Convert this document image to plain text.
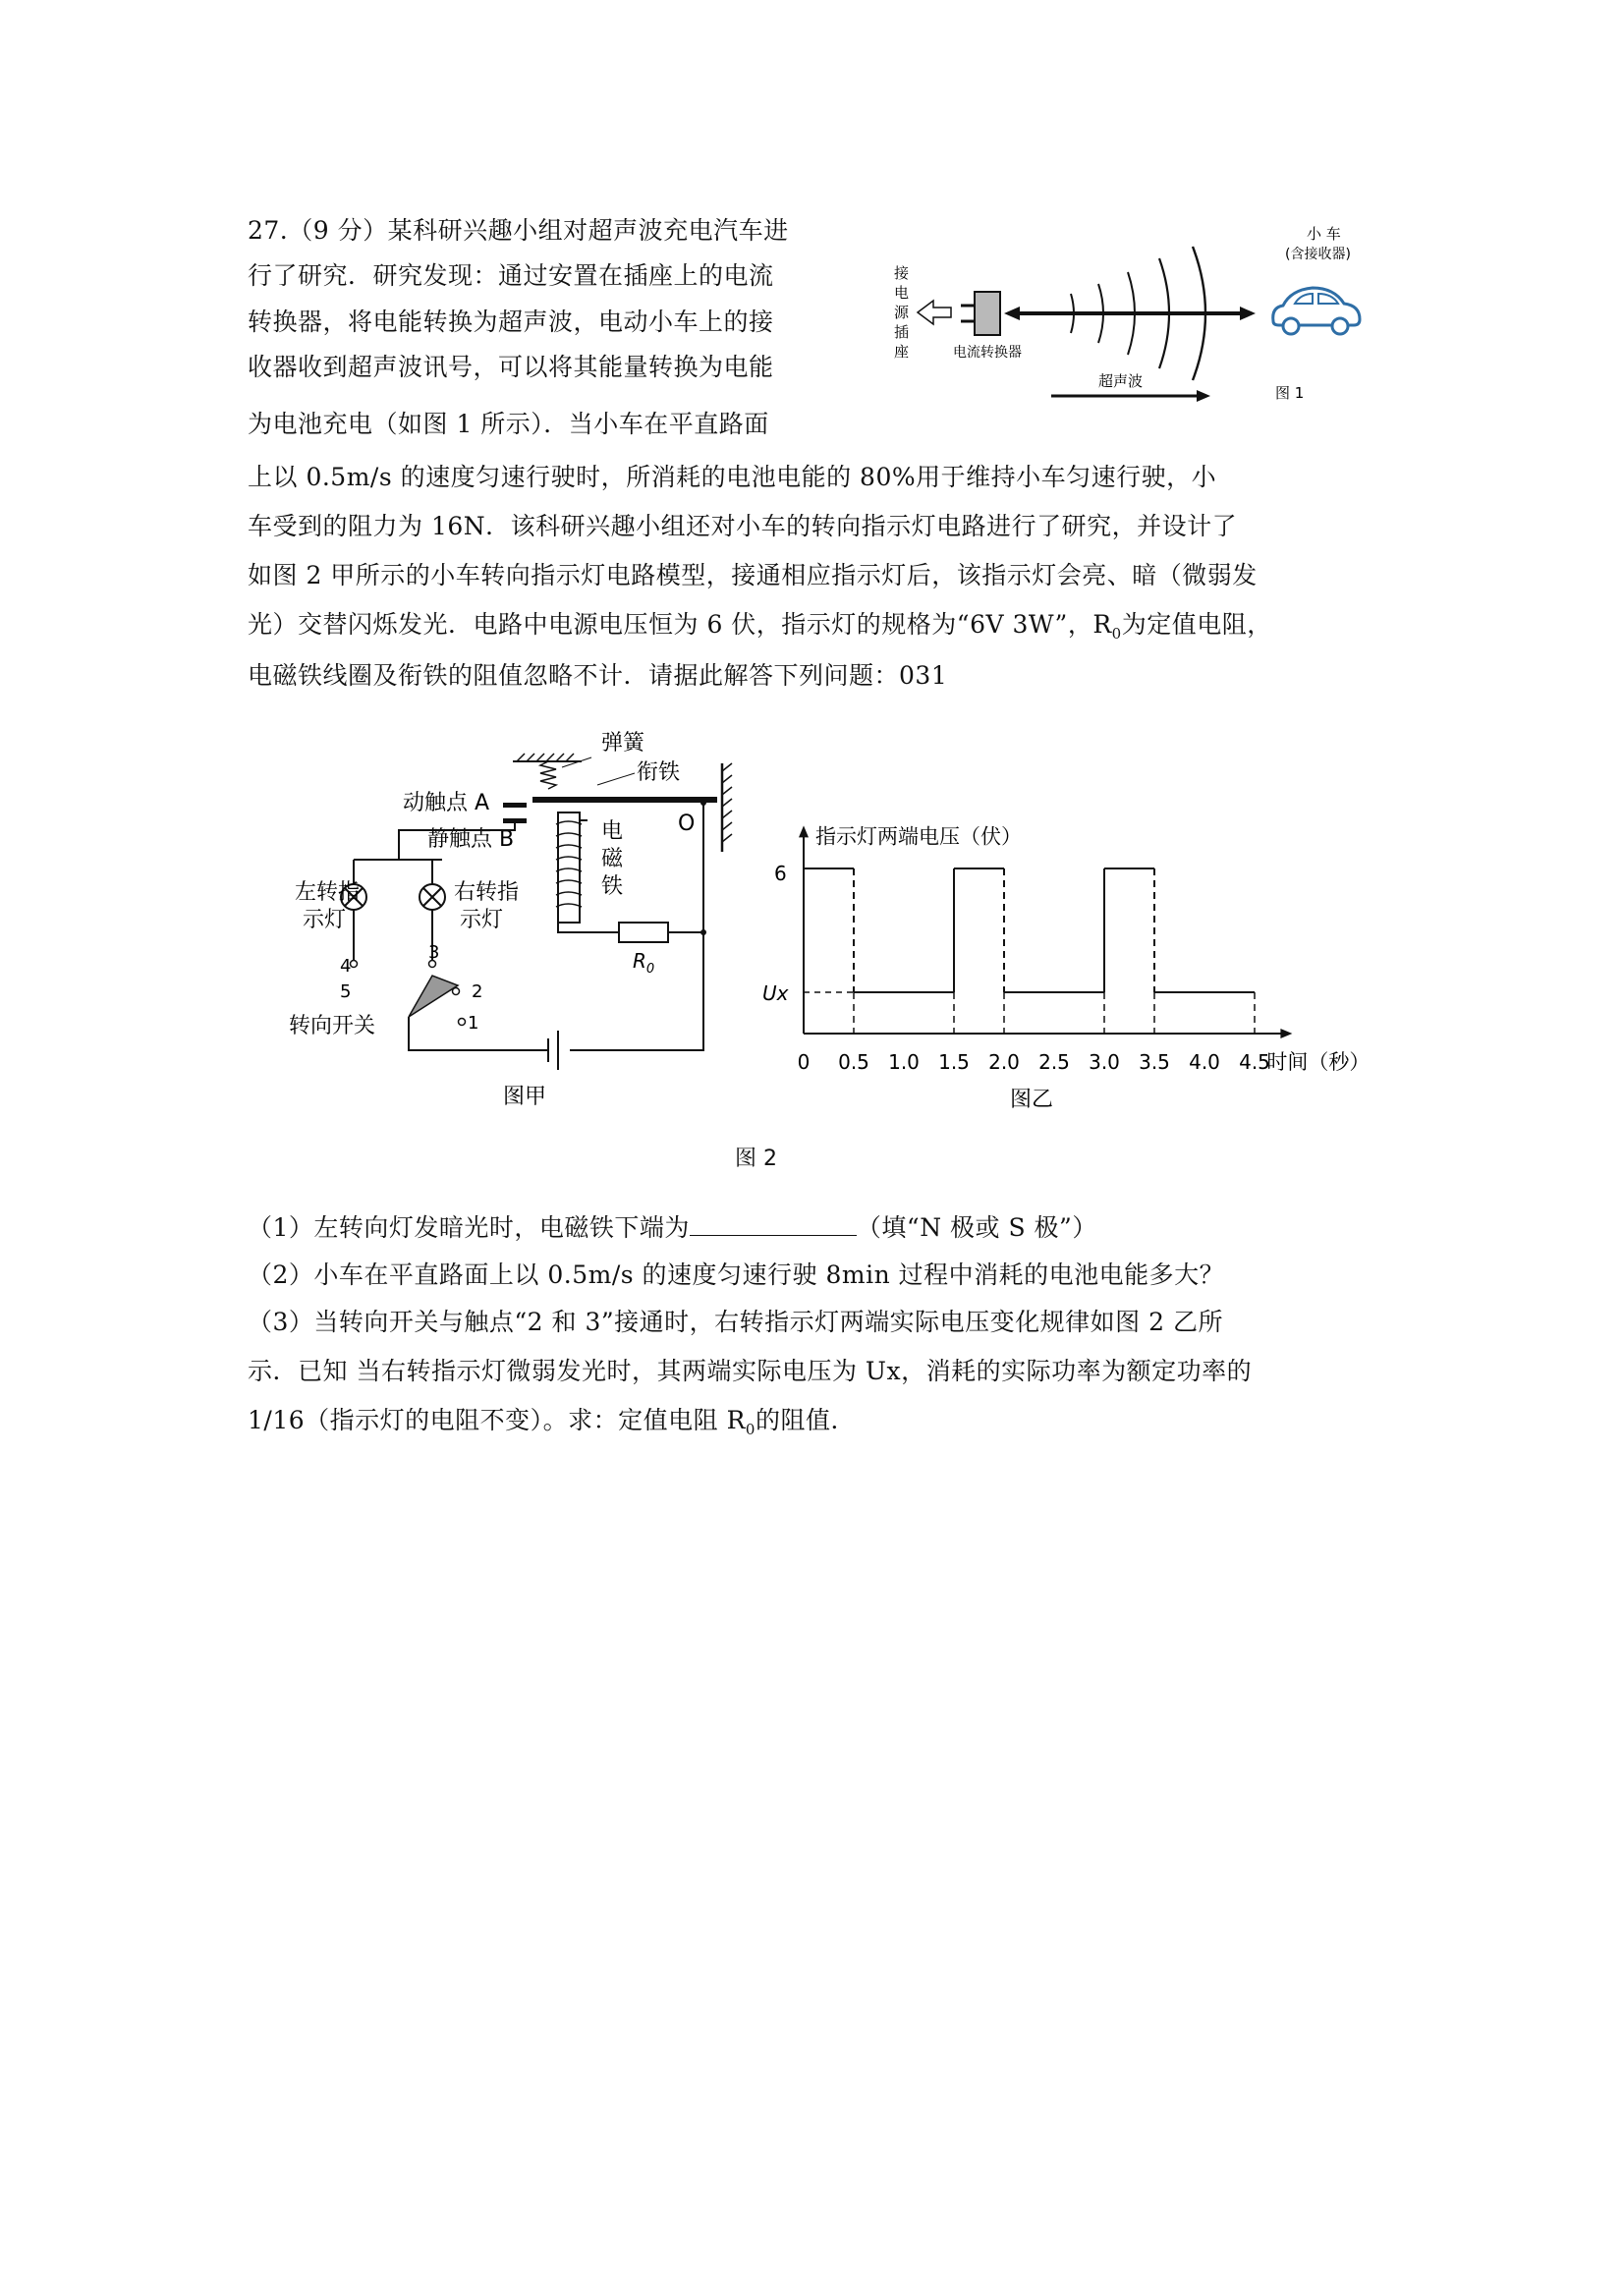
27.（9 分）某科研兴趣小组对超声波充电汽车进
行了研究．研究发现：通过安置在插座上的电流
转换器，将电能转换为超声波，电动小车上的接
收器收到超声波讯号，可以将其能量转换为电能
为电池充电（如图 1 所示）．当小车在平直路面
上以 0.5m/s 的速度匀速行驶时，所消耗的电池电能的 80%用于维持小车匀速行驶，小
车受到的阻力为 16N．该科研兴趣小组还对小车的转向指示灯电路进行了研究，并设计了
如图 2 甲所示的小车转向指示灯电路模型，接通相应指示灯后，该指示灯会亮、暗（微弱发
光）交替闪烁发光．电路中电源电压恒为 6 伏，指示灯的规格为“6V 3W”，$R_0$为定值电阻，
电磁铁线圈及衔铁的阻值忽略不计．请据此解答下列问题：031
接
电
源
插
座	电流转换器
小 车
(含接收器)
超声波
图 1
弹簧
衔铁
O
动触点 A
静触点 B	电
磁
铁
$R_0$
左转指
示灯
右转指
示灯
1
2
3
4
5
转向开关
图甲
指示灯两端电压（伏）
时间（秒）
0 0.5 1.0 1.5 2.0 2.5 3.0 3.5 4.0 4.5
6
Ux
图乙
图 2
（1）左转向灯发暗光时，电磁铁下端为	（填“N 极或 S 极”）
（2）小车在平直路面上以 0.5m/s 的速度匀速行驶 8min 过程中消耗的电池电能多大？
（3）当转向开关与触点“2 和 3”接通时，右转指示灯两端实际电压变化规律如图 2 乙所
示．已知 当右转指示灯微弱发光时，其两端实际电压为 Ux，消耗的实际功率为额定功率的
1/16（指示灯的电阻不变）。求：定值电阻 $R_0$的阻值．
